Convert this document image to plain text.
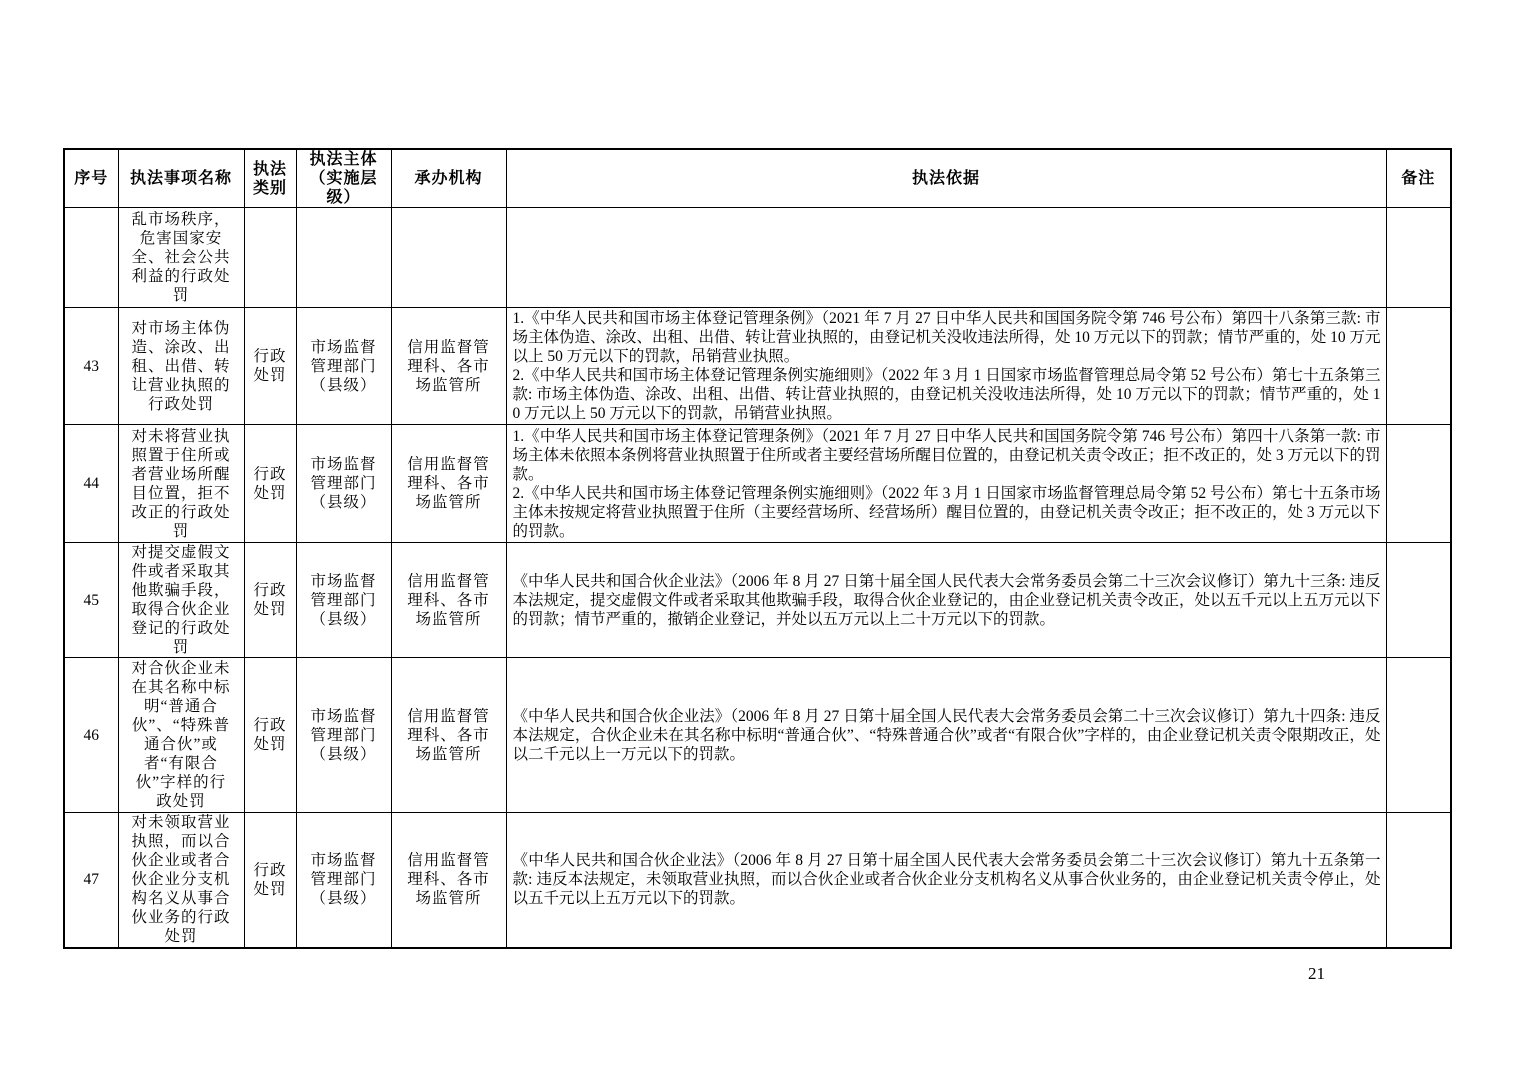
序号	执法事项名称	执法类别	执法主体（实施层级）	承办机构	执法依据	备注
	乱市场秩序，危害国家安全、社会公共利益的行政处罚					
43	对市场主体伪造、涂改、出租、出借、转让营业执照的行政处罚	行政处罚	市场监督管理部门（县级）	信用监督管理科、各市场监管所	1.《中华人民共和国市场主体登记管理条例》（2021 年 7 月 27 日中华人民共和国国务院令第 746 号公布）第四十八条第三款: 市场主体伪造、涂改、出租、出借、转让营业执照的，由登记机关没收违法所得，处 10 万元以下的罚款；情节严重的，处 10 万元以上 50 万元以下的罚款，吊销营业执照。
2.《中华人民共和国市场主体登记管理条例实施细则》（2022 年 3 月 1 日国家市场监督管理总局令第 52 号公布）第七十五条第三款: 市场主体伪造、涂改、出租、出借、转让营业执照的，由登记机关没收违法所得，处 10 万元以下的罚款；情节严重的，处 10 万元以上 50 万元以下的罚款，吊销营业执照。	

44	对未将营业执照置于住所或者营业场所醒目位置，拒不改正的行政处罚	行政处罚	市场监督管理部门（县级）	信用监督管理科、各市场监管所	1.《中华人民共和国市场主体登记管理条例》（2021 年 7 月 27 日中华人民共和国国务院令第 746 号公布）第四十八条第一款: 市场主体未依照本条例将营业执照置于住所或者主要经营场所醒目位置的，由登记机关责令改正；拒不改正的，处 3 万元以下的罚款。
2.《中华人民共和国市场主体登记管理条例实施细则》（2022 年 3 月 1 日国家市场监督管理总局令第 52 号公布）第七十五条市场主体未按规定将营业执照置于住所（主要经营场所、经营场所）醒目位置的，由登记机关责令改正；拒不改正的，处 3 万元以下的罚款。	

45	对提交虚假文件或者采取其他欺骗手段，取得合伙企业登记的行政处罚	行政处罚	市场监督管理部门（县级）	信用监督管理科、各市场监管所	《中华人民共和国合伙企业法》（2006 年 8 月 27 日第十届全国人民代表大会常务委员会第二十三次会议修订）第九十三条: 违反本法规定，提交虚假文件或者采取其他欺骗手段，取得合伙企业登记的，由企业登记机关责令改正，处以五千元以上五万元以下的罚款；情节严重的，撤销企业登记，并处以五万元以上二十万元以下的罚款。	

46	对合伙企业未在其名称中标明“普通合伙”、“特殊普通合伙”或者“有限合伙”字样的行政处罚	行政处罚	市场监督管理部门（县级）	信用监督管理科、各市场监管所	《中华人民共和国合伙企业法》（2006 年 8 月 27 日第十届全国人民代表大会常务委员会第二十三次会议修订）第九十四条: 违反本法规定，合伙企业未在其名称中标明“普通合伙”、“特殊普通合伙”或者“有限合伙”字样的，由企业登记机关责令限期改正，处以二千元以上一万元以下的罚款。	

47	对未领取营业执照，而以合伙企业或者合伙企业分支机构名义从事合伙业务的行政处罚	行政处罚	市场监督管理部门（县级）	信用监督管理科、各市场监管所	《中华人民共和国合伙企业法》（2006 年 8 月 27 日第十届全国人民代表大会常务委员会第二十三次会议修订）第九十五条第一款: 违反本法规定，未领取营业执照，而以合伙企业或者合伙企业分支机构名义从事合伙业务的，由企业登记机关责令停止，处以五千元以上五万元以下的罚款。	

21
